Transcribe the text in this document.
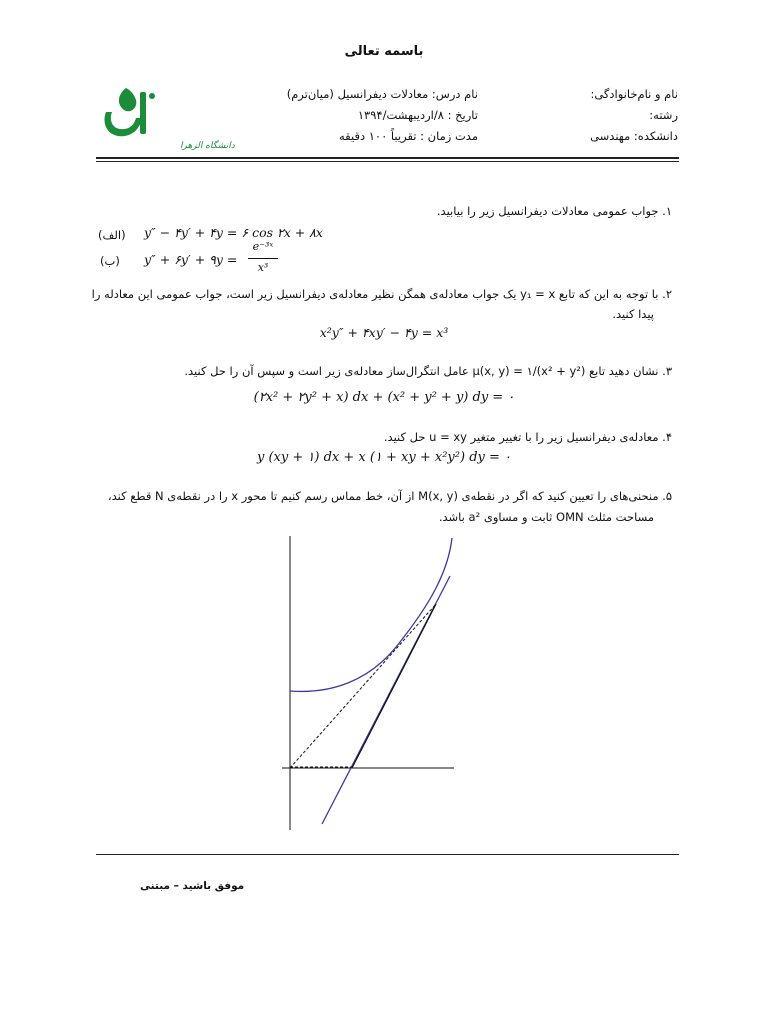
باسمه تعالی
نام و نام‌خانوادگی:
رشته:
دانشکده: مهندسی
نام درس: معادلات دیفرانسیل (میان‌ترم)
تاریخ : ۸/اردیبهشت/۱۳۹۴
مدت زمان : تقریباً ۱۰۰ دقیقه
دانشگاه الزهرا
۱. جواب عمومی معادلات دیفرانسیل زیر را بیابید.
(الف) y″ − ۴y′ + ۴y = ۶ cos ۲x + ۸x
(ب) y″ + ۶y′ + ۹y =
e⁻³ˣ
x³
۲. با توجه به این که تابع y₁ = x یک جواب معادله‌ی همگن نظیر معادله‌ی دیفرانسیل زیر است، جواب عمومی این معادله را
پیدا کنید.
x²y″ + ۴xy′ − ۴y = x³
۳. نشان دهید تابع μ(x, y) = ۱/(x² + y²) عامل انتگرال‌ساز معادله‌ی زیر است و سپس آن را حل کنید.
(۲x² + ۲y² + x) dx + (x² + y² + y) dy = ۰
۴. معادله‌ی دیفرانسیل زیر را با تغییر متغیر u = xy حل کنید.
y (xy + ۱) dx + x (۱ + xy + x²y²) dy = ۰
۵. منحنی‌های را تعیین کنید که اگر در نقطه‌ی M(x, y) از آن، خط مماس رسم کنیم تا محور x را در نقطه‌ی N قطع کند،
مساحت مثلث OMN ثابت و مساوی a² باشد.
موفق باشید – مبتنی
